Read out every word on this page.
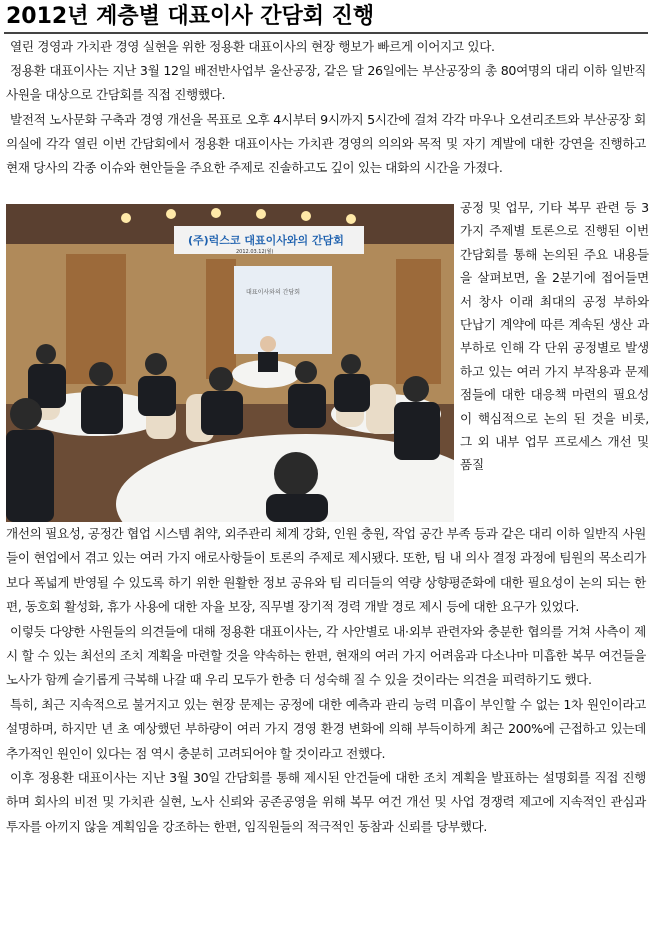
2012년 계층별 대표이사 간담회 진행

열린 경영과 가치관 경영 실현을 위한 정용환 대표이사의 현장 행보가 빠르게 이어지고 있다.

정용환 대표이사는 지난 3월 12일 배전반사업부 울산공장, 같은 달 26일에는 부산공장의 총 80여명의 대리 이하 일반직 사원을 대상으로 간담회를 직접 진행했다.

발전적 노사문화 구축과 경영 개선을 목표로 오후 4시부터 9시까지 5시간에 걸쳐 각각 마우나 오션리조트와 부산공장 회의실에 각각 열린 이번 간담회에서 정용환 대표이사는 가치관 경영의 의의와 목적 및 자기 계발에 대한 강연을 진행하고 현재 당사의 각종 이슈와 현안들을 주요한 주제로 진솔하고도 깊이 있는 대화의 시간을 가졌다.

(주)럭스코 대표이사와의 간담회
2012.03.12(월)
대표이사와의 간담회

공정 및 업무, 기타 복무 관련 등 3가지 주제별 토론으로 진행된 이번 간담회를 통해 논의된 주요 내용들을 살펴보면, 올 2분기에 접어들면서 창사 이래 최대의 공정 부하와 단납기 계약에 따른 계속된 생산 과부하로 인해 각 단위 공정별로 발생하고 있는 여러 가지 부작용과 문제점들에 대한 대응책 마련의 필요성이 핵심적으로 논의 된 것을 비롯, 그 외 내부 업무 프로세스 개선 및 품질

개선의 필요성, 공정간 협업 시스템 취약, 외주관리 체계 강화, 인원 충원, 작업 공간 부족 등과 같은 대리 이하 일반직 사원들이 현업에서 겪고 있는 여러 가지 애로사항들이 토론의 주제로 제시됐다. 또한, 팀 내 의사 결정 과정에 팀원의 목소리가 보다 폭넓게 반영될 수 있도록 하기 위한 원활한 정보 공유와 팀 리더들의 역량 상향평준화에 대한 필요성이 논의 되는 한편, 동호회 활성화, 휴가 사용에 대한 자율 보장, 직무별 장기적 경력 개발 경로 제시 등에 대한 요구가 있었다.

이렇듯 다양한 사원들의 의견들에 대해 정용환 대표이사는, 각 사안별로 내·외부 관련자와 충분한 협의를 거쳐 사측이 제시 할 수 있는 최선의 조치 계획을 마련할 것을 약속하는 한편, 현재의 여러 가지 어려움과 다소나마 미흡한 복무 여건들을 노사가 함께 슬기롭게 극복해 나갈 때 우리 모두가 한층 더 성숙해 질 수 있을 것이라는 의견을 피력하기도 했다.

특히, 최근 지속적으로 불거지고 있는 현장 문제는 공정에 대한 예측과 관리 능력 미흡이 부인할 수 없는 1차 원인이라고 설명하며, 하지만 년 초 예상했던 부하량이 여러 가지 경영 환경 변화에 의해 부득이하게 최근 200%에 근접하고 있는데 추가적인 원인이 있다는 점 역시 충분히 고려되어야 할 것이라고 전했다.

이후 정용환 대표이사는 지난 3월 30일 간담회를 통해 제시된 안건들에 대한 조치 계획을 발표하는 설명회를 직접 진행하며 회사의 비전 및 가치관 실현, 노사 신뢰와 공존공영을 위해 복무 여건 개선 및 사업 경쟁력 제고에 지속적인 관심과 투자를 아끼지 않을 계획임을 강조하는 한편, 임직원들의 적극적인 동참과 신뢰를 당부했다.
